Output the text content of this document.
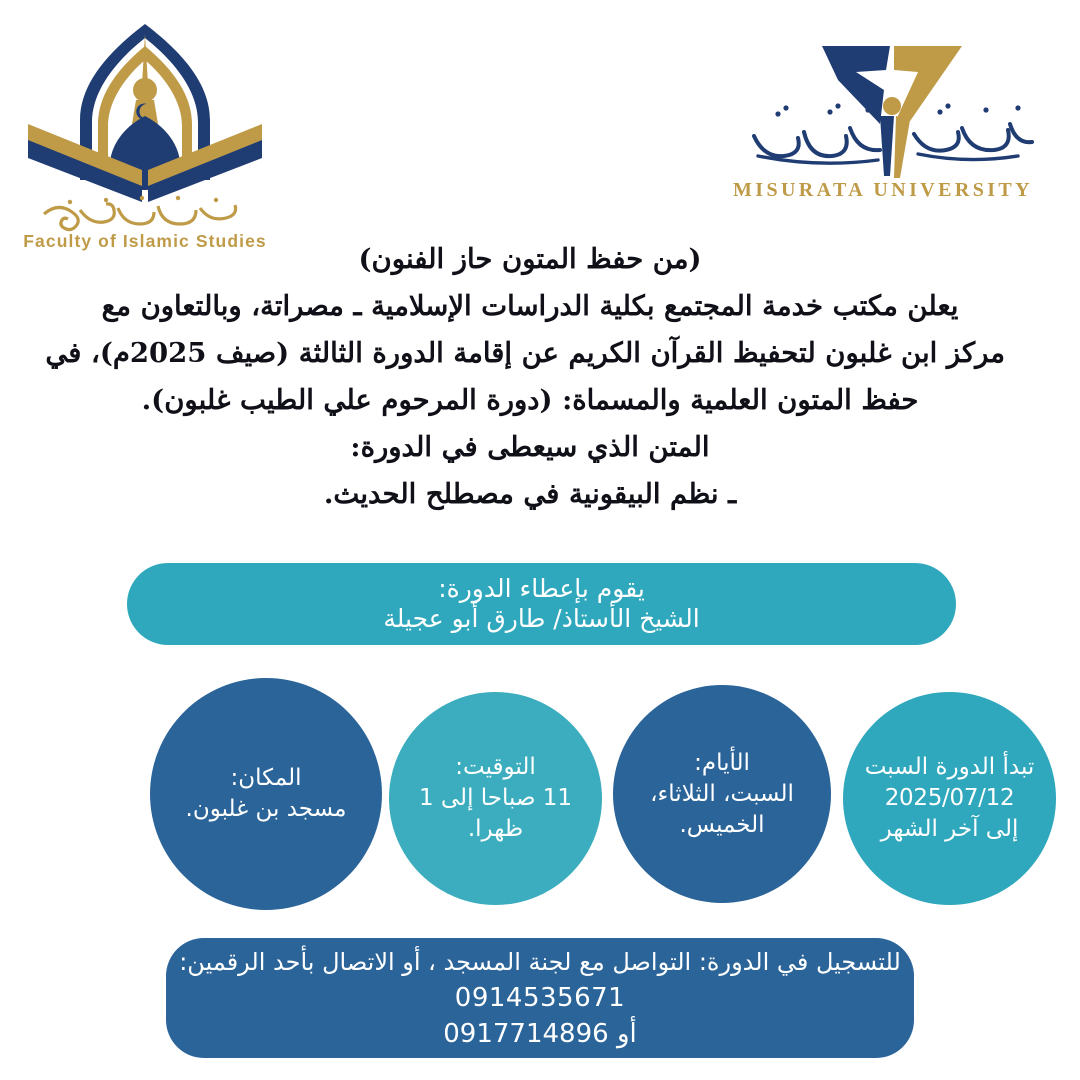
Faculty of Islamic Studies
MISURATA UNIVERSITY
(من حفظ المتون حاز الفنون)
يعلن مكتب خدمة المجتمع بكلية الدراسات الإسلامية ـ مصراتة، وبالتعاون مع
مركز ابن غلبون لتحفيظ القرآن الكريم عن إقامة الدورة الثالثة (صيف 2025م)، في
حفظ المتون العلمية والمسماة: (دورة المرحوم علي الطيب غلبون).
المتن الذي سيعطى في الدورة:
ـ نظم البيقونية في مصطلح الحديث.
يقوم بإعطاء الدورة:
الشيخ الأستاذ/ طارق أبو عجيلة
تبدأ الدورة السبت
2025/07/12
إلى آخر الشهر
الأيام:
السبت، الثلاثاء،
الخميس.
التوقيت:
11 صباحا إلى 1
ظهرا.
المكان:
مسجد بن غلبون.
للتسجيل في الدورة: التواصل مع لجنة المسجد ، أو الاتصال بأحد الرقمين:
0914535671
أو 0917714896
